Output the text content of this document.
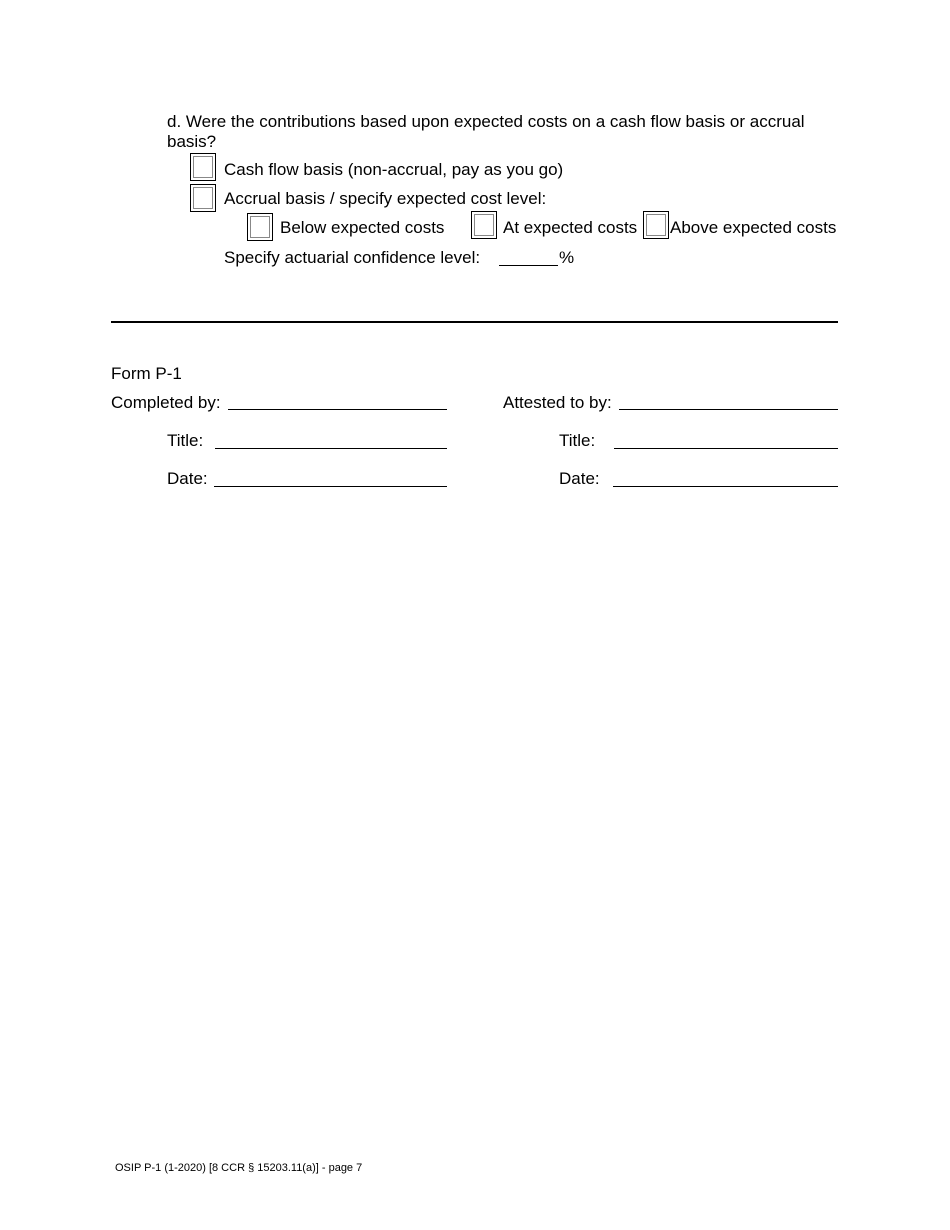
d. Were the contributions based upon expected costs on a cash flow basis or accrual basis?
Cash flow basis (non-accrual, pay as you go)
Accrual basis / specify expected cost level:
Below expected costs	At expected costs Above expected costs
Specify actuarial confidence level:	%
Form P-1
Completed by:	Attested to by:
Title:	Title:
Date:	Date:
OSIP P-1 (1-2020) [8 CCR § 15203.11(a)] - page 7
